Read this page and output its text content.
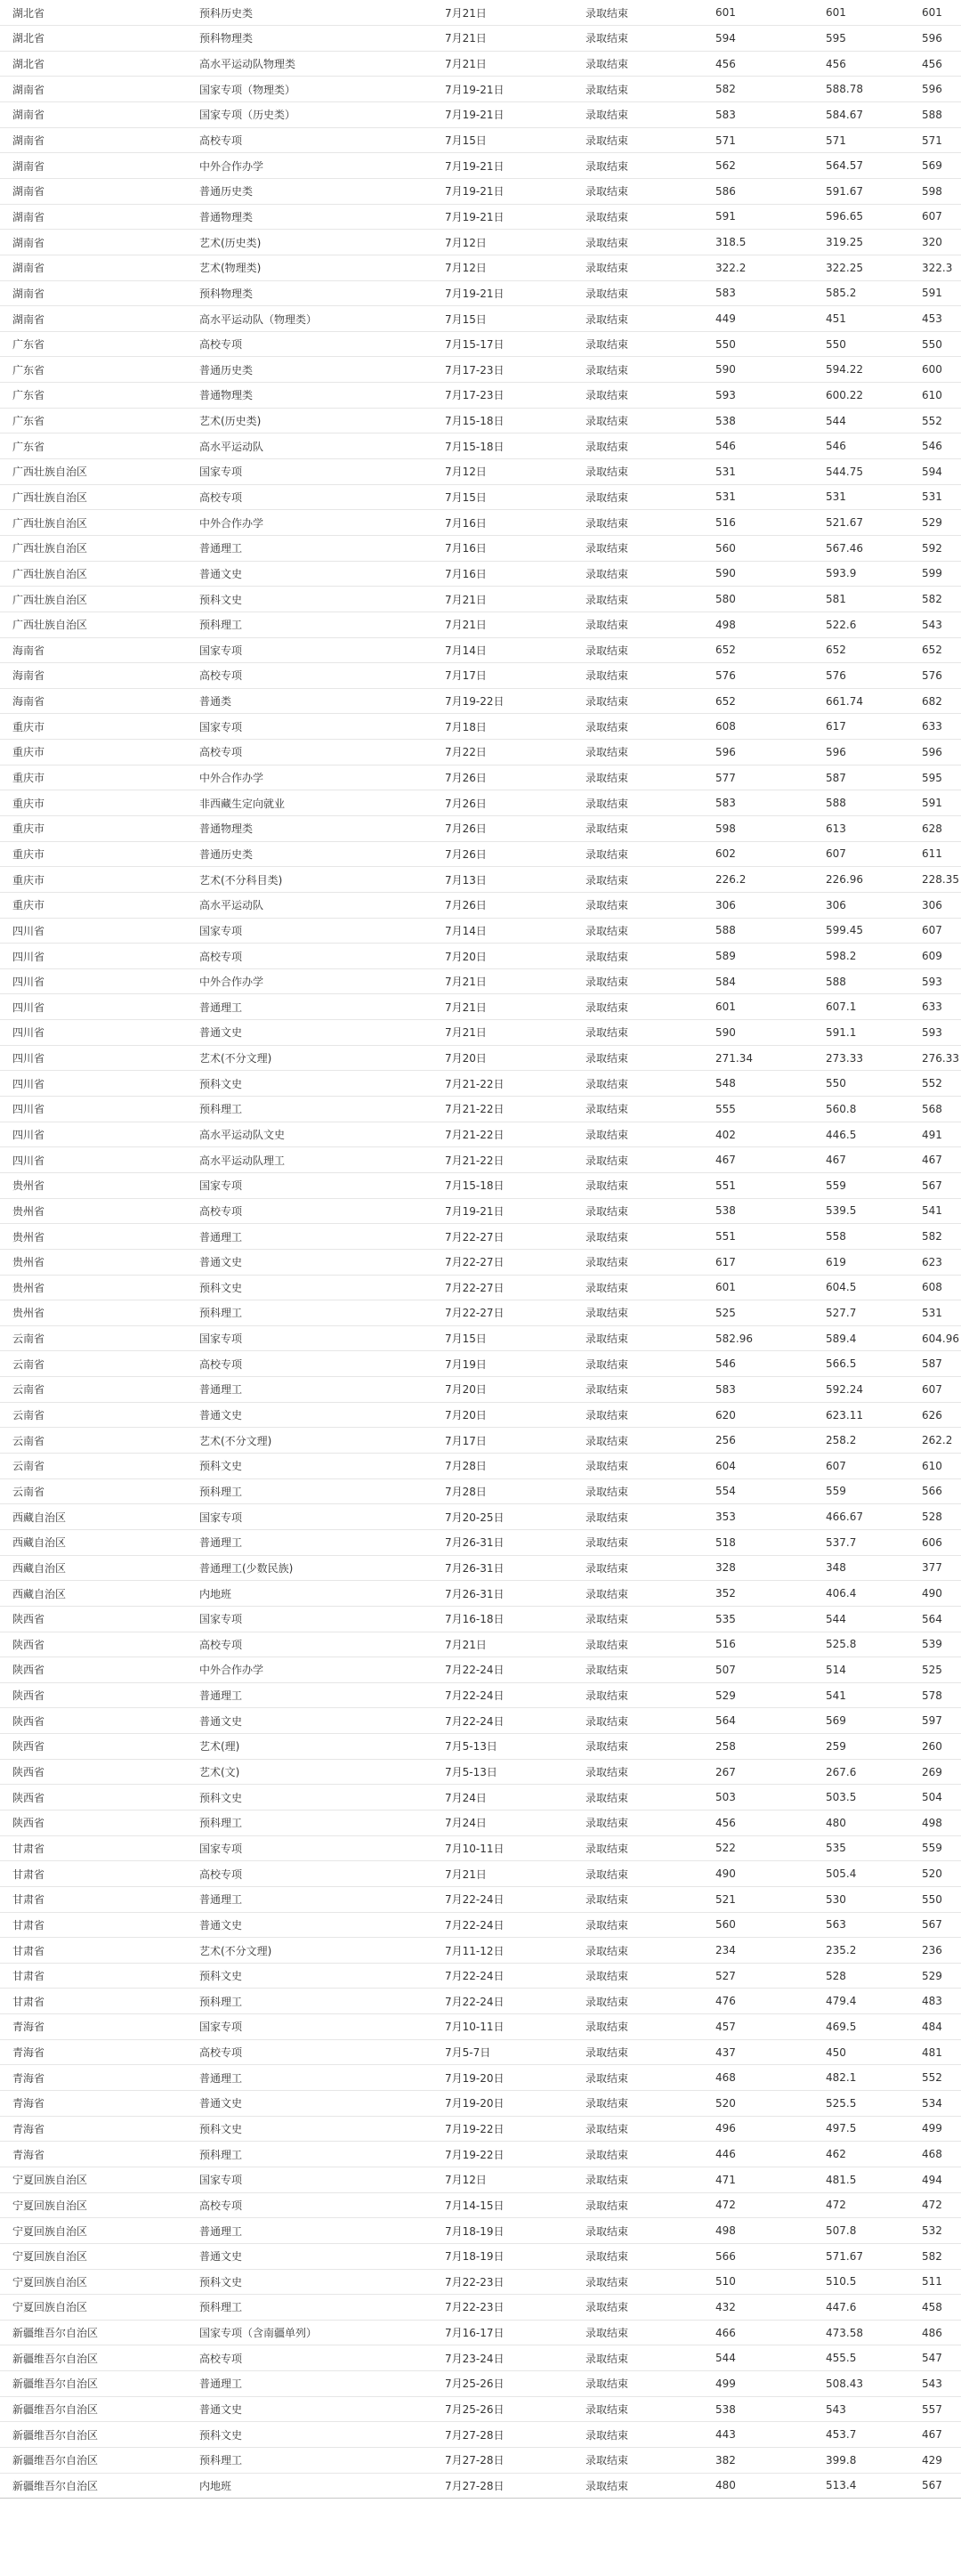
湖北省	预科历史类	7月21日	录取结束	601	601	601
湖北省	预科物理类	7月21日	录取结束	594	595	596
湖北省	高水平运动队物理类	7月21日	录取结束	456	456	456
湖南省	国家专项（物理类）	7月19-21日	录取结束	582	588.78	596
湖南省	国家专项（历史类）	7月19-21日	录取结束	583	584.67	588
湖南省	高校专项	7月15日	录取结束	571	571	571
湖南省	中外合作办学	7月19-21日	录取结束	562	564.57	569
湖南省	普通历史类	7月19-21日	录取结束	586	591.67	598
湖南省	普通物理类	7月19-21日	录取结束	591	596.65	607
湖南省	艺术(历史类)	7月12日	录取结束	318.5	319.25	320
湖南省	艺术(物理类)	7月12日	录取结束	322.2	322.25	322.3
湖南省	预科物理类	7月19-21日	录取结束	583	585.2	591
湖南省	高水平运动队（物理类）	7月15日	录取结束	449	451	453
广东省	高校专项	7月15-17日	录取结束	550	550	550
广东省	普通历史类	7月17-23日	录取结束	590	594.22	600
广东省	普通物理类	7月17-23日	录取结束	593	600.22	610
广东省	艺术(历史类)	7月15-18日	录取结束	538	544	552
广东省	高水平运动队	7月15-18日	录取结束	546	546	546
广西壮族自治区	国家专项	7月12日	录取结束	531	544.75	594
广西壮族自治区	高校专项	7月15日	录取结束	531	531	531
广西壮族自治区	中外合作办学	7月16日	录取结束	516	521.67	529
广西壮族自治区	普通理工	7月16日	录取结束	560	567.46	592
广西壮族自治区	普通文史	7月16日	录取结束	590	593.9	599
广西壮族自治区	预科文史	7月21日	录取结束	580	581	582
广西壮族自治区	预科理工	7月21日	录取结束	498	522.6	543
海南省	国家专项	7月14日	录取结束	652	652	652
海南省	高校专项	7月17日	录取结束	576	576	576
海南省	普通类	7月19-22日	录取结束	652	661.74	682
重庆市	国家专项	7月18日	录取结束	608	617	633
重庆市	高校专项	7月22日	录取结束	596	596	596
重庆市	中外合作办学	7月26日	录取结束	577	587	595
重庆市	非西藏生定向就业	7月26日	录取结束	583	588	591
重庆市	普通物理类	7月26日	录取结束	598	613	628
重庆市	普通历史类	7月26日	录取结束	602	607	611
重庆市	艺术(不分科目类)	7月13日	录取结束	226.2	226.96	228.35
重庆市	高水平运动队	7月26日	录取结束	306	306	306
四川省	国家专项	7月14日	录取结束	588	599.45	607
四川省	高校专项	7月20日	录取结束	589	598.2	609
四川省	中外合作办学	7月21日	录取结束	584	588	593
四川省	普通理工	7月21日	录取结束	601	607.1	633
四川省	普通文史	7月21日	录取结束	590	591.1	593
四川省	艺术(不分文理)	7月20日	录取结束	271.34	273.33	276.33
四川省	预科文史	7月21-22日	录取结束	548	550	552
四川省	预科理工	7月21-22日	录取结束	555	560.8	568
四川省	高水平运动队文史	7月21-22日	录取结束	402	446.5	491
四川省	高水平运动队理工	7月21-22日	录取结束	467	467	467
贵州省	国家专项	7月15-18日	录取结束	551	559	567
贵州省	高校专项	7月19-21日	录取结束	538	539.5	541
贵州省	普通理工	7月22-27日	录取结束	551	558	582
贵州省	普通文史	7月22-27日	录取结束	617	619	623
贵州省	预科文史	7月22-27日	录取结束	601	604.5	608
贵州省	预科理工	7月22-27日	录取结束	525	527.7	531
云南省	国家专项	7月15日	录取结束	582.96	589.4	604.96
云南省	高校专项	7月19日	录取结束	546	566.5	587
云南省	普通理工	7月20日	录取结束	583	592.24	607
云南省	普通文史	7月20日	录取结束	620	623.11	626
云南省	艺术(不分文理)	7月17日	录取结束	256	258.2	262.2
云南省	预科文史	7月28日	录取结束	604	607	610
云南省	预科理工	7月28日	录取结束	554	559	566
西藏自治区	国家专项	7月20-25日	录取结束	353	466.67	528
西藏自治区	普通理工	7月26-31日	录取结束	518	537.7	606
西藏自治区	普通理工(少数民族)	7月26-31日	录取结束	328	348	377
西藏自治区	内地班	7月26-31日	录取结束	352	406.4	490
陕西省	国家专项	7月16-18日	录取结束	535	544	564
陕西省	高校专项	7月21日	录取结束	516	525.8	539
陕西省	中外合作办学	7月22-24日	录取结束	507	514	525
陕西省	普通理工	7月22-24日	录取结束	529	541	578
陕西省	普通文史	7月22-24日	录取结束	564	569	597
陕西省	艺术(理)	7月5-13日	录取结束	258	259	260
陕西省	艺术(文)	7月5-13日	录取结束	267	267.6	269
陕西省	预科文史	7月24日	录取结束	503	503.5	504
陕西省	预科理工	7月24日	录取结束	456	480	498
甘肃省	国家专项	7月10-11日	录取结束	522	535	559
甘肃省	高校专项	7月21日	录取结束	490	505.4	520
甘肃省	普通理工	7月22-24日	录取结束	521	530	550
甘肃省	普通文史	7月22-24日	录取结束	560	563	567
甘肃省	艺术(不分文理)	7月11-12日	录取结束	234	235.2	236
甘肃省	预科文史	7月22-24日	录取结束	527	528	529
甘肃省	预科理工	7月22-24日	录取结束	476	479.4	483
青海省	国家专项	7月10-11日	录取结束	457	469.5	484
青海省	高校专项	7月5-7日	录取结束	437	450	481
青海省	普通理工	7月19-20日	录取结束	468	482.1	552
青海省	普通文史	7月19-20日	录取结束	520	525.5	534
青海省	预科文史	7月19-22日	录取结束	496	497.5	499
青海省	预科理工	7月19-22日	录取结束	446	462	468
宁夏回族自治区	国家专项	7月12日	录取结束	471	481.5	494
宁夏回族自治区	高校专项	7月14-15日	录取结束	472	472	472
宁夏回族自治区	普通理工	7月18-19日	录取结束	498	507.8	532
宁夏回族自治区	普通文史	7月18-19日	录取结束	566	571.67	582
宁夏回族自治区	预科文史	7月22-23日	录取结束	510	510.5	511
宁夏回族自治区	预科理工	7月22-23日	录取结束	432	447.6	458
新疆维吾尔自治区	国家专项（含南疆单列）	7月16-17日	录取结束	466	473.58	486
新疆维吾尔自治区	高校专项	7月23-24日	录取结束	544	455.5	547
新疆维吾尔自治区	普通理工	7月25-26日	录取结束	499	508.43	543
新疆维吾尔自治区	普通文史	7月25-26日	录取结束	538	543	557
新疆维吾尔自治区	预科文史	7月27-28日	录取结束	443	453.7	467
新疆维吾尔自治区	预科理工	7月27-28日	录取结束	382	399.8	429
新疆维吾尔自治区	内地班	7月27-28日	录取结束	480	513.4	567
